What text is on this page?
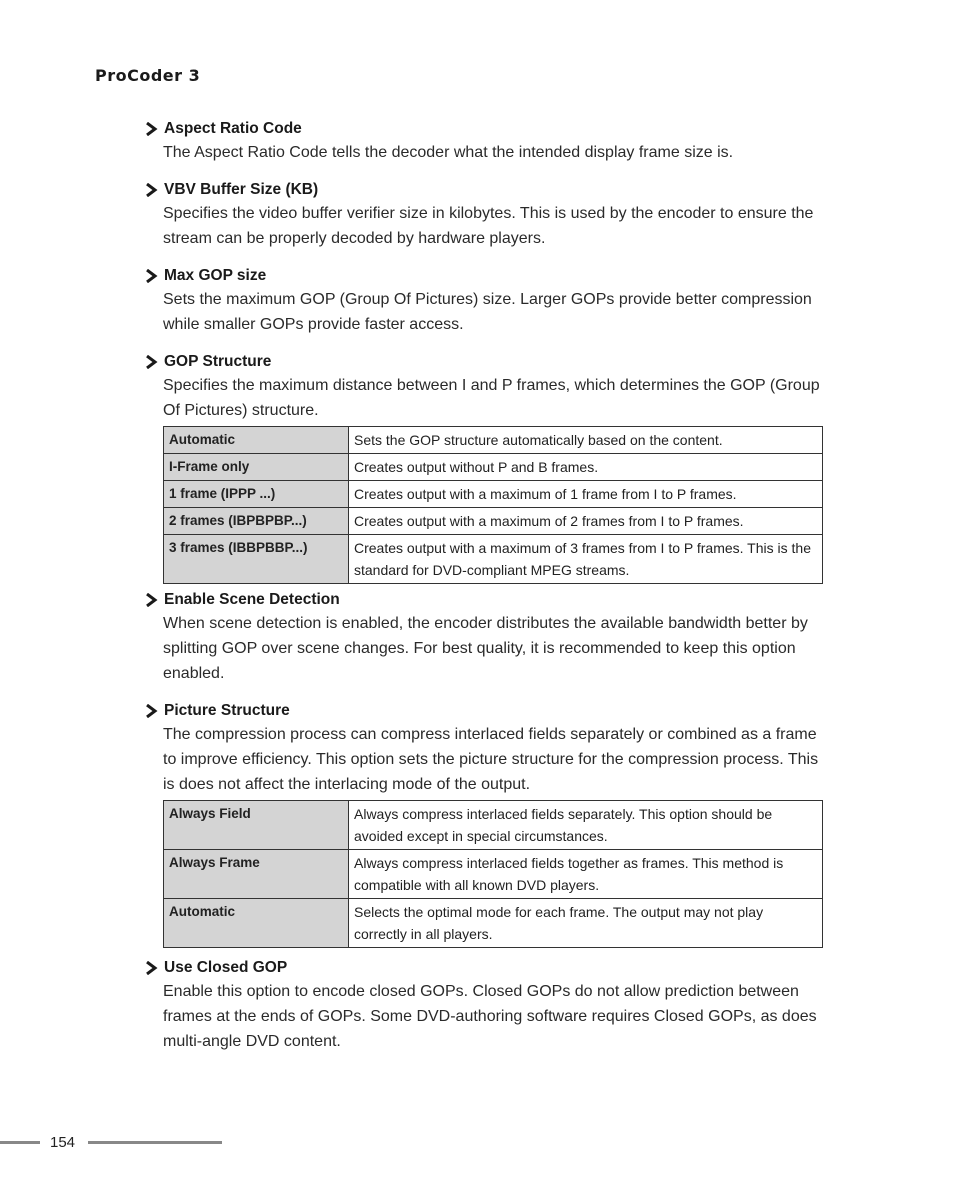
ProCoder 3
Aspect Ratio Code
The Aspect Ratio Code tells the decoder what the intended display frame size is.
VBV Buffer Size (KB)
Specifies the video buffer verifier size in kilobytes. This is used by the encoder to ensure the stream can be properly decoded by hardware players.
Max GOP size
Sets the maximum GOP (Group Of Pictures) size. Larger GOPs provide better compression while smaller GOPs provide faster access.
GOP Structure
Specifies the maximum distance between I and P frames, which determines the GOP (Group Of Pictures) structure.
Automatic	Sets the GOP structure automatically based on the content.
I-Frame only	Creates output without P and B frames.
1 frame (IPPP ...)	Creates output with a maximum of 1 frame from I to P frames.
2 frames (IBPBPBP...)	Creates output with a maximum of 2 frames from I to P frames.
3 frames (IBBPBBP...)	Creates output with a maximum of 3 frames from I to P frames. This is the standard for DVD-compliant MPEG streams.
Enable Scene Detection
When scene detection is enabled, the encoder distributes the available bandwidth better by splitting GOP over scene changes. For best quality, it is recommended to keep this option enabled.
Picture Structure
The compression process can compress interlaced fields separately or combined as a frame to improve efficiency. This option sets the picture structure for the compression process. This is does not affect the interlacing mode of the output.
Always Field	Always compress interlaced fields separately. This option should be avoided except in special circumstances.
Always Frame	Always compress interlaced fields together as frames. This method is compatible with all known DVD players.
Automatic	Selects the optimal mode for each frame. The output may not play correctly in all players.
Use Closed GOP
Enable this option to encode closed GOPs. Closed GOPs do not allow prediction between frames at the ends of GOPs. Some DVD-authoring software requires Closed GOPs, as does multi-angle DVD content.
154
